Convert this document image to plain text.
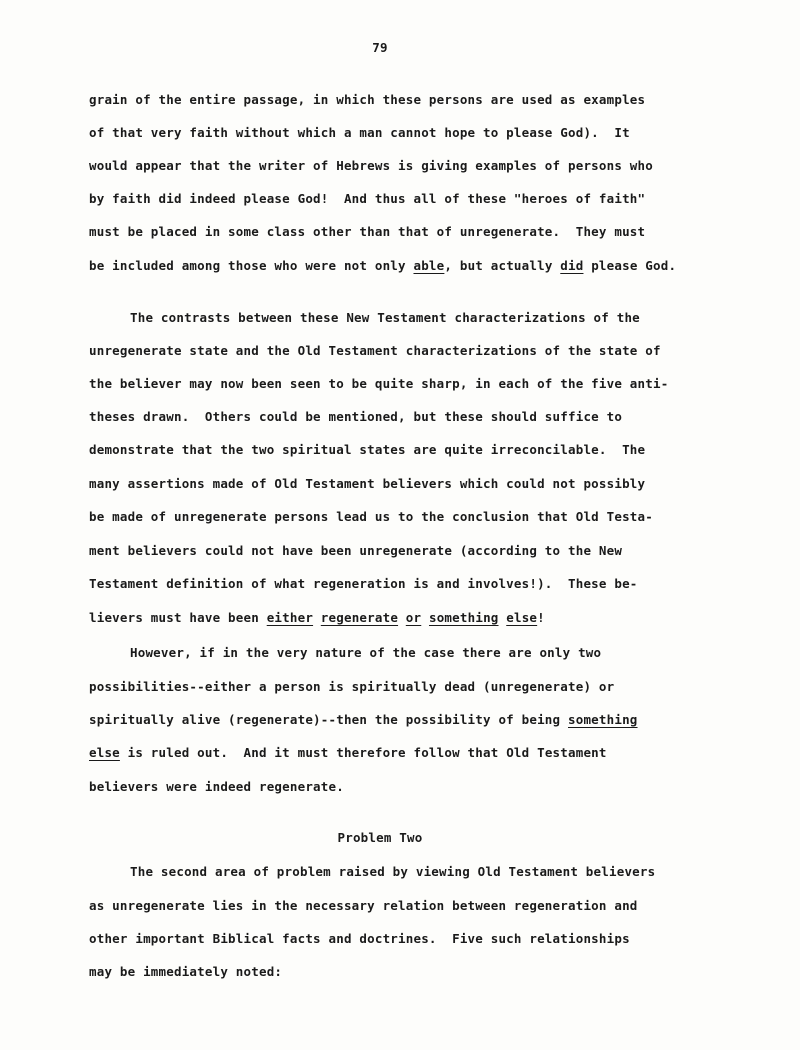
79
grain of the entire passage, in which these persons are used as examples
of that very faith without which a man cannot hope to please God).  It
would appear that the writer of Hebrews is giving examples of persons who
by faith did indeed please God!  And thus all of these "heroes of faith"
must be placed in some class other than that of unregenerate.  They must
be included among those who were not only able, but actually did please God.
The contrasts between these New Testament characterizations of the
unregenerate state and the Old Testament characterizations of the state of
the believer may now been seen to be quite sharp, in each of the five anti-
theses drawn.  Others could be mentioned, but these should suffice to
demonstrate that the two spiritual states are quite irreconcilable.  The
many assertions made of Old Testament believers which could not possibly
be made of unregenerate persons lead us to the conclusion that Old Testa-
ment believers could not have been unregenerate (according to the New
Testament definition of what regeneration is and involves!).  These be-
lievers must have been either regenerate or something else!
However, if in the very nature of the case there are only two
possibilities--either a person is spiritually dead (unregenerate) or
spiritually alive (regenerate)--then the possibility of being something
else is ruled out.  And it must therefore follow that Old Testament
believers were indeed regenerate.
Problem Two
The second area of problem raised by viewing Old Testament believers
as unregenerate lies in the necessary relation between regeneration and
other important Biblical facts and doctrines.  Five such relationships
may be immediately noted:
